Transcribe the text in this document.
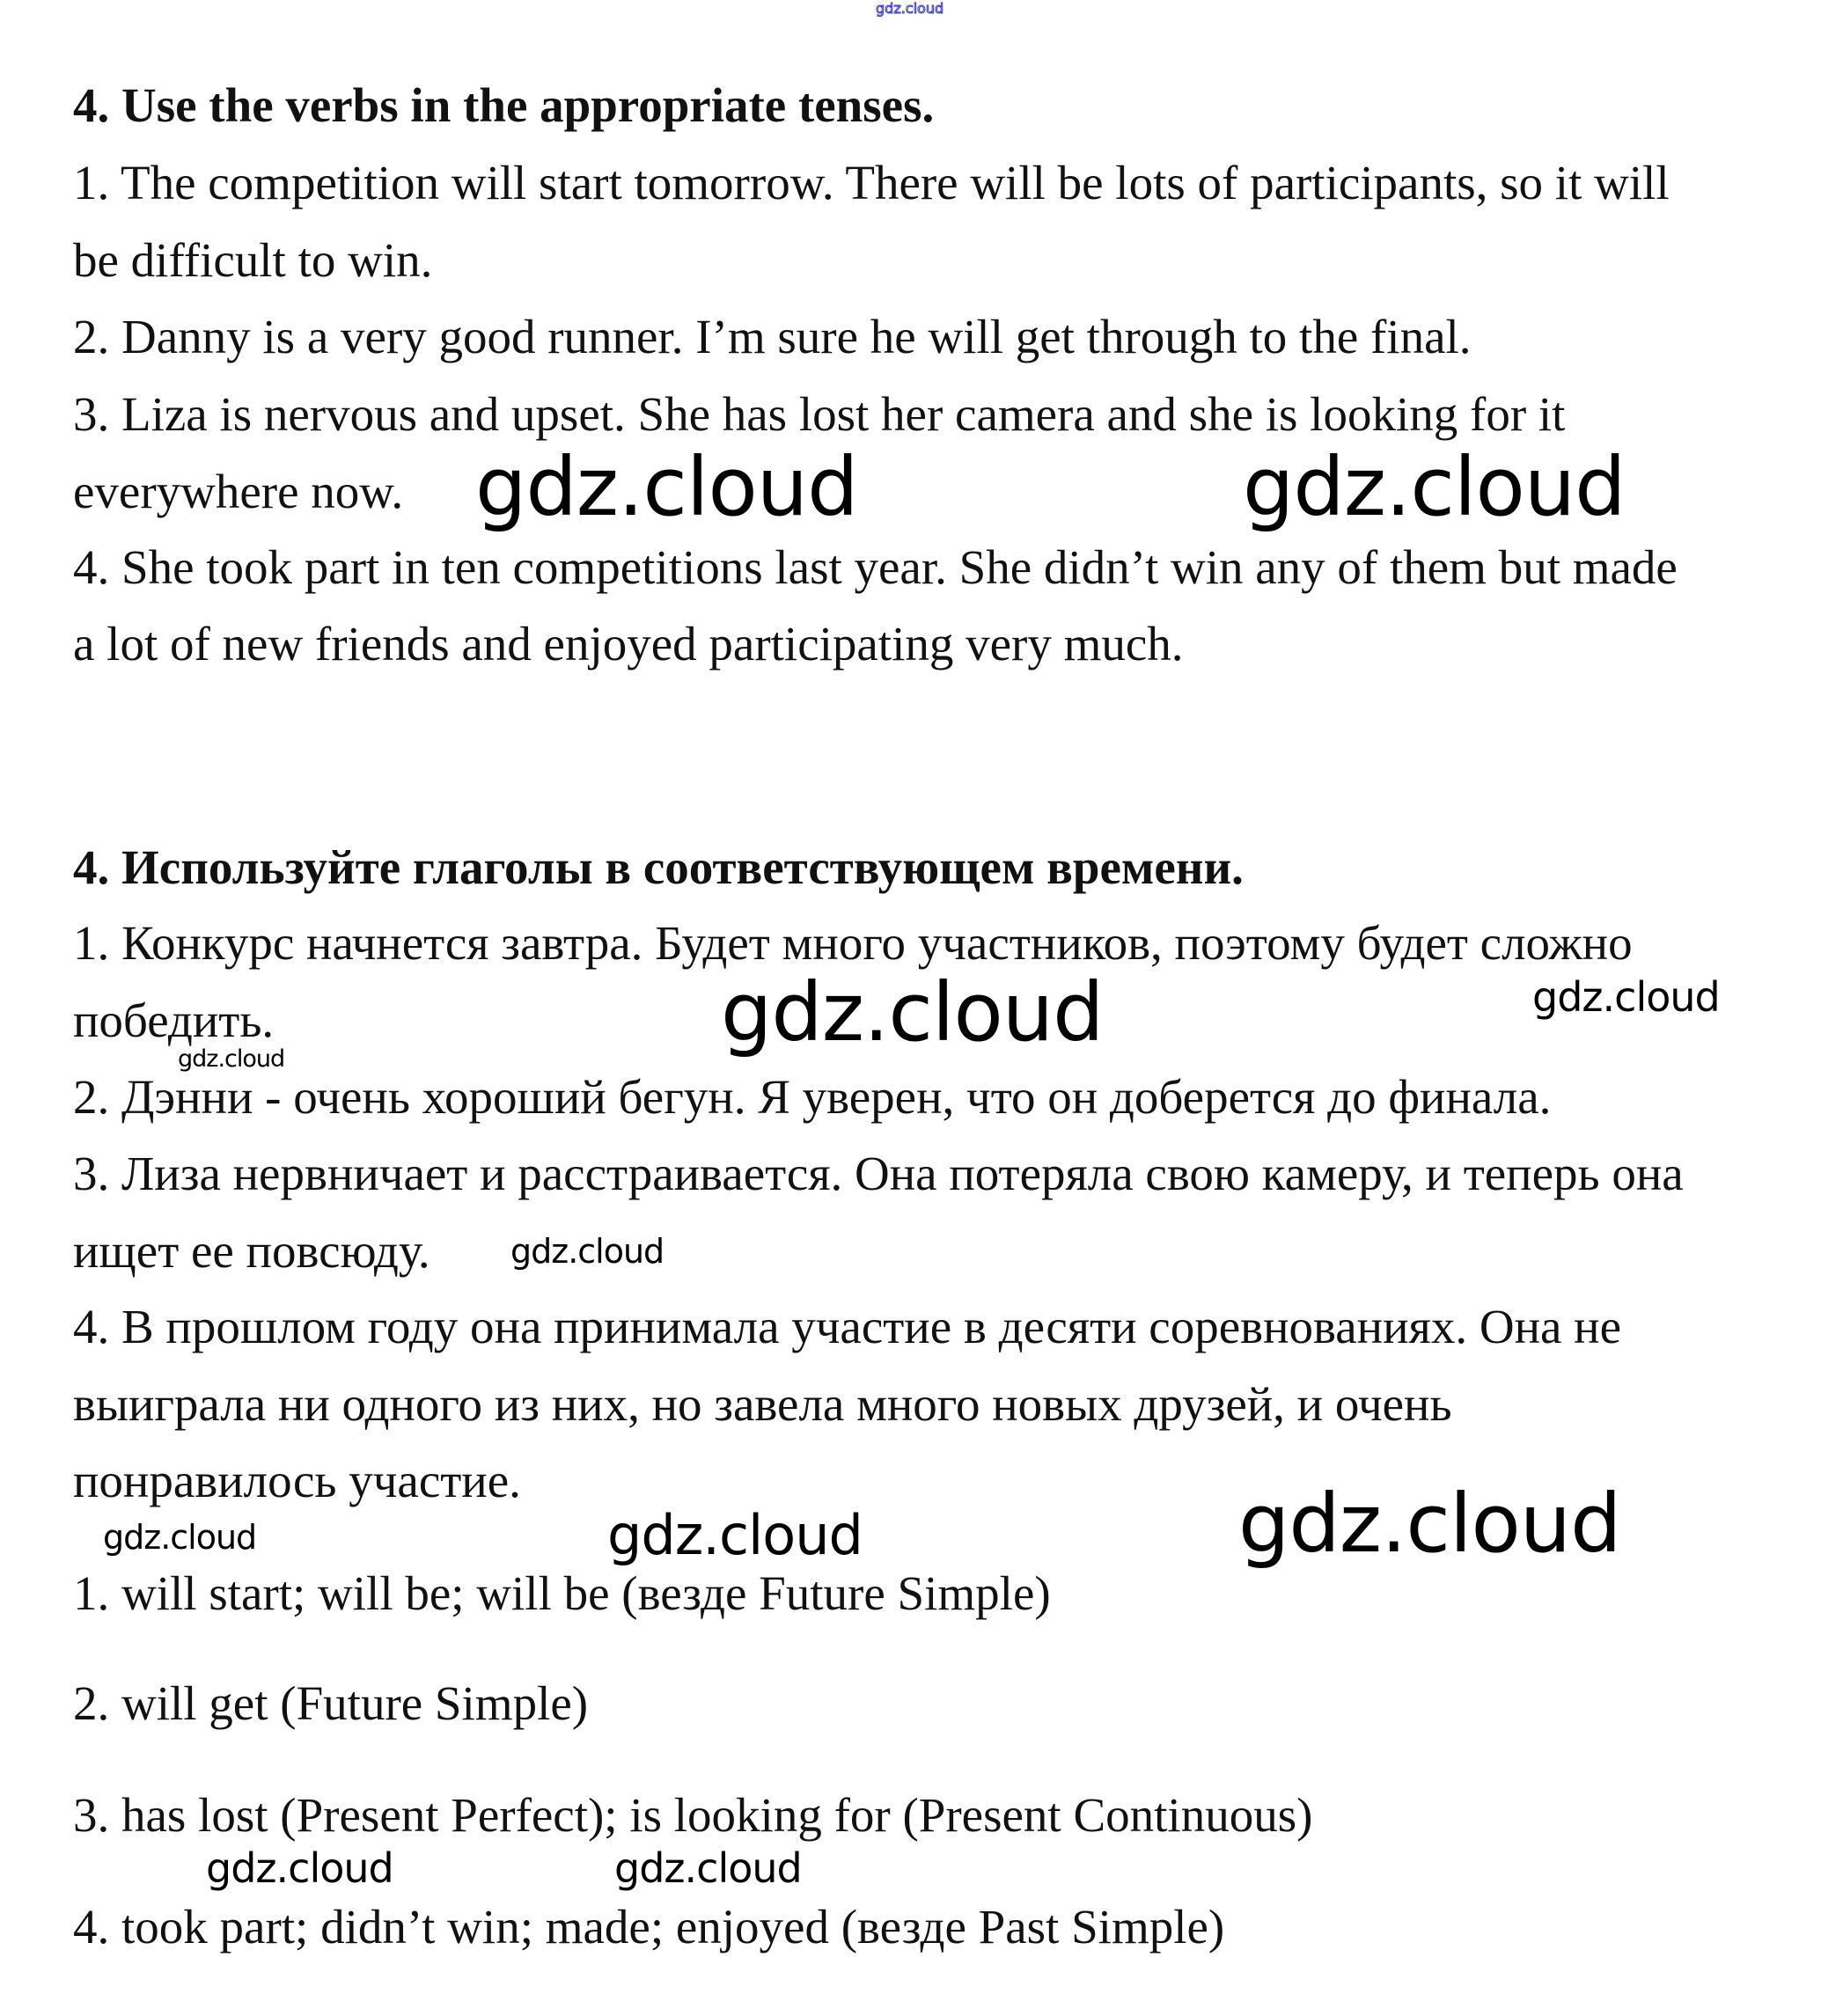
gdz.cloud
4. Use the verbs in the appropriate tenses.
1. The competition will start tomorrow. There will be lots of participants, so it will
be difficult to win.
2. Danny is a very good runner. I’m sure he will get through to the final.
3. Liza is nervous and upset. She has lost her camera and she is looking for it
everywhere now.
4. She took part in ten competitions last year. She didn’t win any of them but made
a lot of new friends and enjoyed participating very much.
4. Используйте глаголы в соответствующем времени.
1. Конкурс начнется завтра. Будет много участников, поэтому будет сложно
победить.
2. Дэнни - очень хороший бегун. Я уверен, что он доберется до финала.
3. Лиза нервничает и расстраивается. Она потеряла свою камеру, и теперь она
ищет ее повсюду.
4. В прошлом году она принимала участие в десяти соревнованиях. Она не
выиграла ни одного из них, но завела много новых друзей, и очень
понравилось участие.
1. will start; will be; will be (везде Future Simple)
2. will get (Future Simple)
3. has lost (Present Perfect); is looking for (Present Continuous)
4. took part; didn’t win; made; enjoyed (везде Past Simple)
gdz.cloud	gdz.cloud
gdz.cloud	gdz.cloud
gdz.cloud
gdz.cloud
gdz.cloud	gdz.cloud
gdz.cloud
gdz.cloud	gdz.cloud
